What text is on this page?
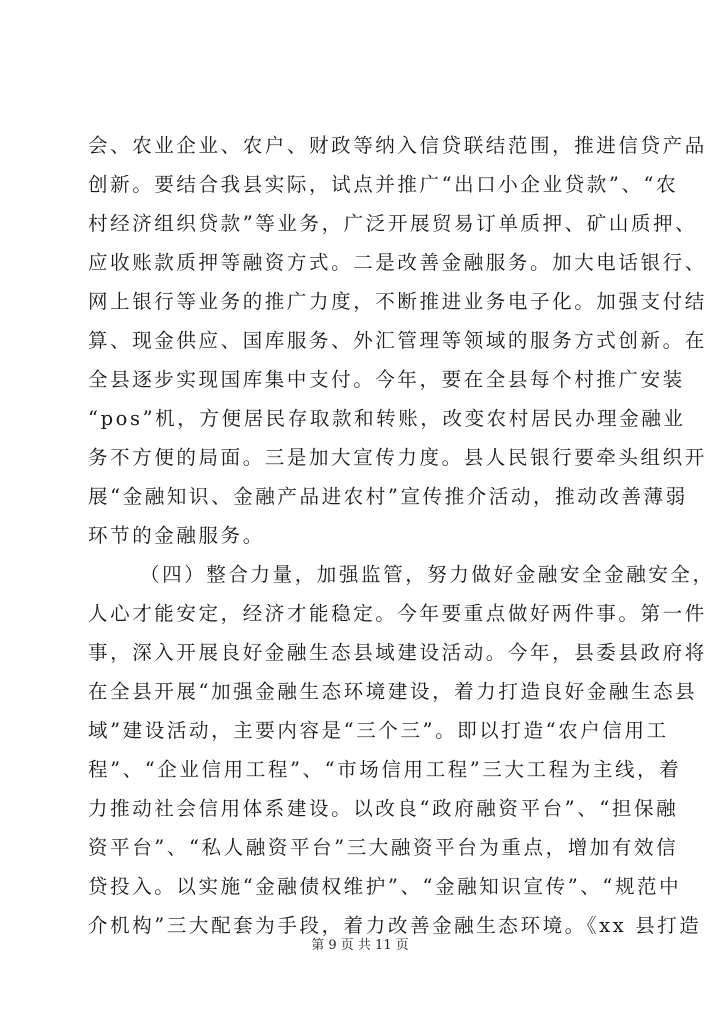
会、农业企业、农户、财政等纳入信贷联结范围，推进信贷产品
创新。要结合我县实际，试点并推广“出口小企业贷款”、“农
村经济组织贷款”等业务，广泛开展贸易订单质押、矿山质押、
应收账款质押等融资方式。二是改善金融服务。加大电话银行、
网上银行等业务的推广力度，不断推进业务电子化。加强支付结
算、现金供应、国库服务、外汇管理等领域的服务方式创新。在
全县逐步实现国库集中支付。今年，要在全县每个村推广安装
“pos”机，方便居民存取款和转账，改变农村居民办理金融业
务不方便的局面。三是加大宣传力度。县人民银行要牵头组织开
展“金融知识、金融产品进农村”宣传推介活动，推动改善薄弱
环节的金融服务。
（四）整合力量，加强监管，努力做好金融安全金融安全，
人心才能安定，经济才能稳定。今年要重点做好两件事。第一件
事，深入开展良好金融生态县域建设活动。今年，县委县政府将
在全县开展“加强金融生态环境建设，着力打造良好金融生态县
域”建设活动，主要内容是“三个三”。即以打造“农户信用工
程”、“企业信用工程”、“市场信用工程”三大工程为主线，着
力推动社会信用体系建设。以改良“政府融资平台”、“担保融
资平台”、“私人融资平台”三大融资平台为重点，增加有效信
贷投入。以实施“金融债权维护”、“金融知识宣传”、“规范中
介机构”三大配套为手段，着力改善金融生态环境。《xx 县打造
第 9 页 共 11 页
